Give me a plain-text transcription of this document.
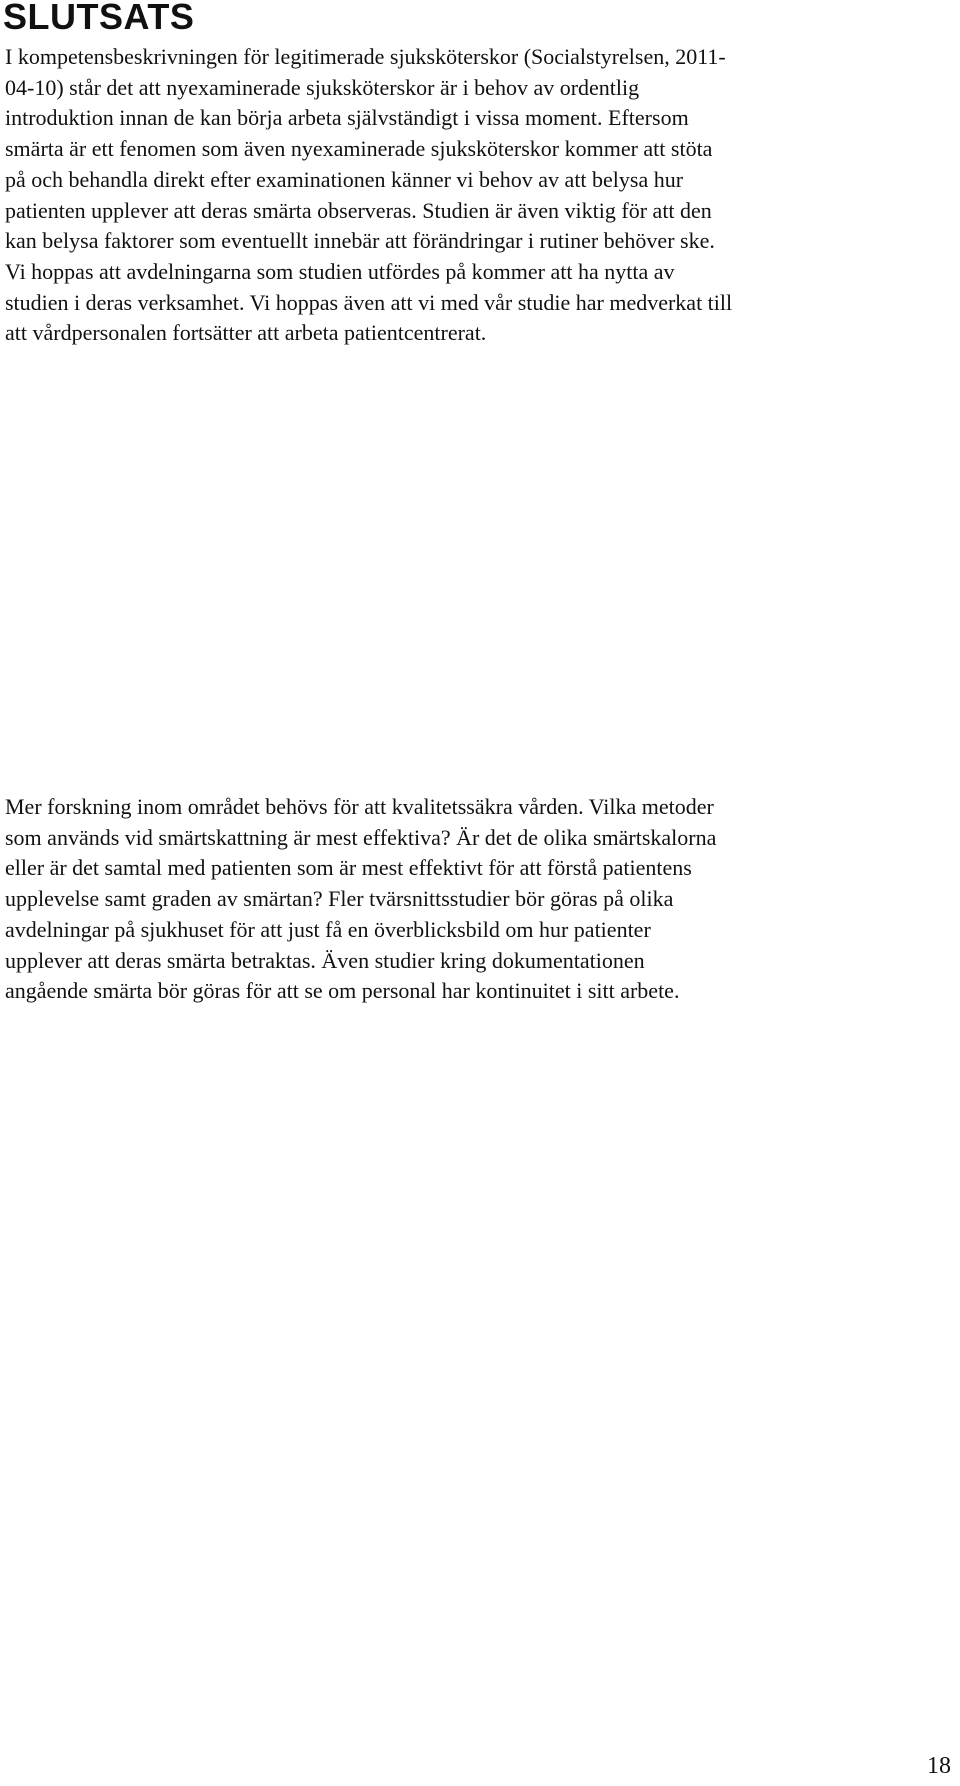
SLUTSATS

I kompetensbeskrivningen för legitimerade sjuksköterskor (Socialstyrelsen, 2011-
04-10) står det att nyexaminerade sjuksköterskor är i behov av ordentlig
introduktion innan de kan börja arbeta självständigt i vissa moment. Eftersom
smärta är ett fenomen som även nyexaminerade sjuksköterskor kommer att stöta
på och behandla direkt efter examinationen känner vi behov av att belysa hur
patienten upplever att deras smärta observeras. Studien är även viktig för att den
kan belysa faktorer som eventuellt innebär att förändringar i rutiner behöver ske.
Vi hoppas att avdelningarna som studien utfördes på kommer att ha nytta av
studien i deras verksamhet. Vi hoppas även att vi med vår studie har medverkat till
att vårdpersonalen fortsätter att arbeta patientcentrerat.

Mer forskning inom området behövs för att kvalitetssäkra vården. Vilka metoder
som används vid smärtskattning är mest effektiva? Är det de olika smärtskalorna
eller är det samtal med patienten som är mest effektivt för att förstå patientens
upplevelse samt graden av smärtan? Fler tvärsnittsstudier bör göras på olika
avdelningar på sjukhuset för att just få en överblicksbild om hur patienter
upplever att deras smärta betraktas. Även studier kring dokumentationen
angående smärta bör göras för att se om personal har kontinuitet i sitt arbete.

18
